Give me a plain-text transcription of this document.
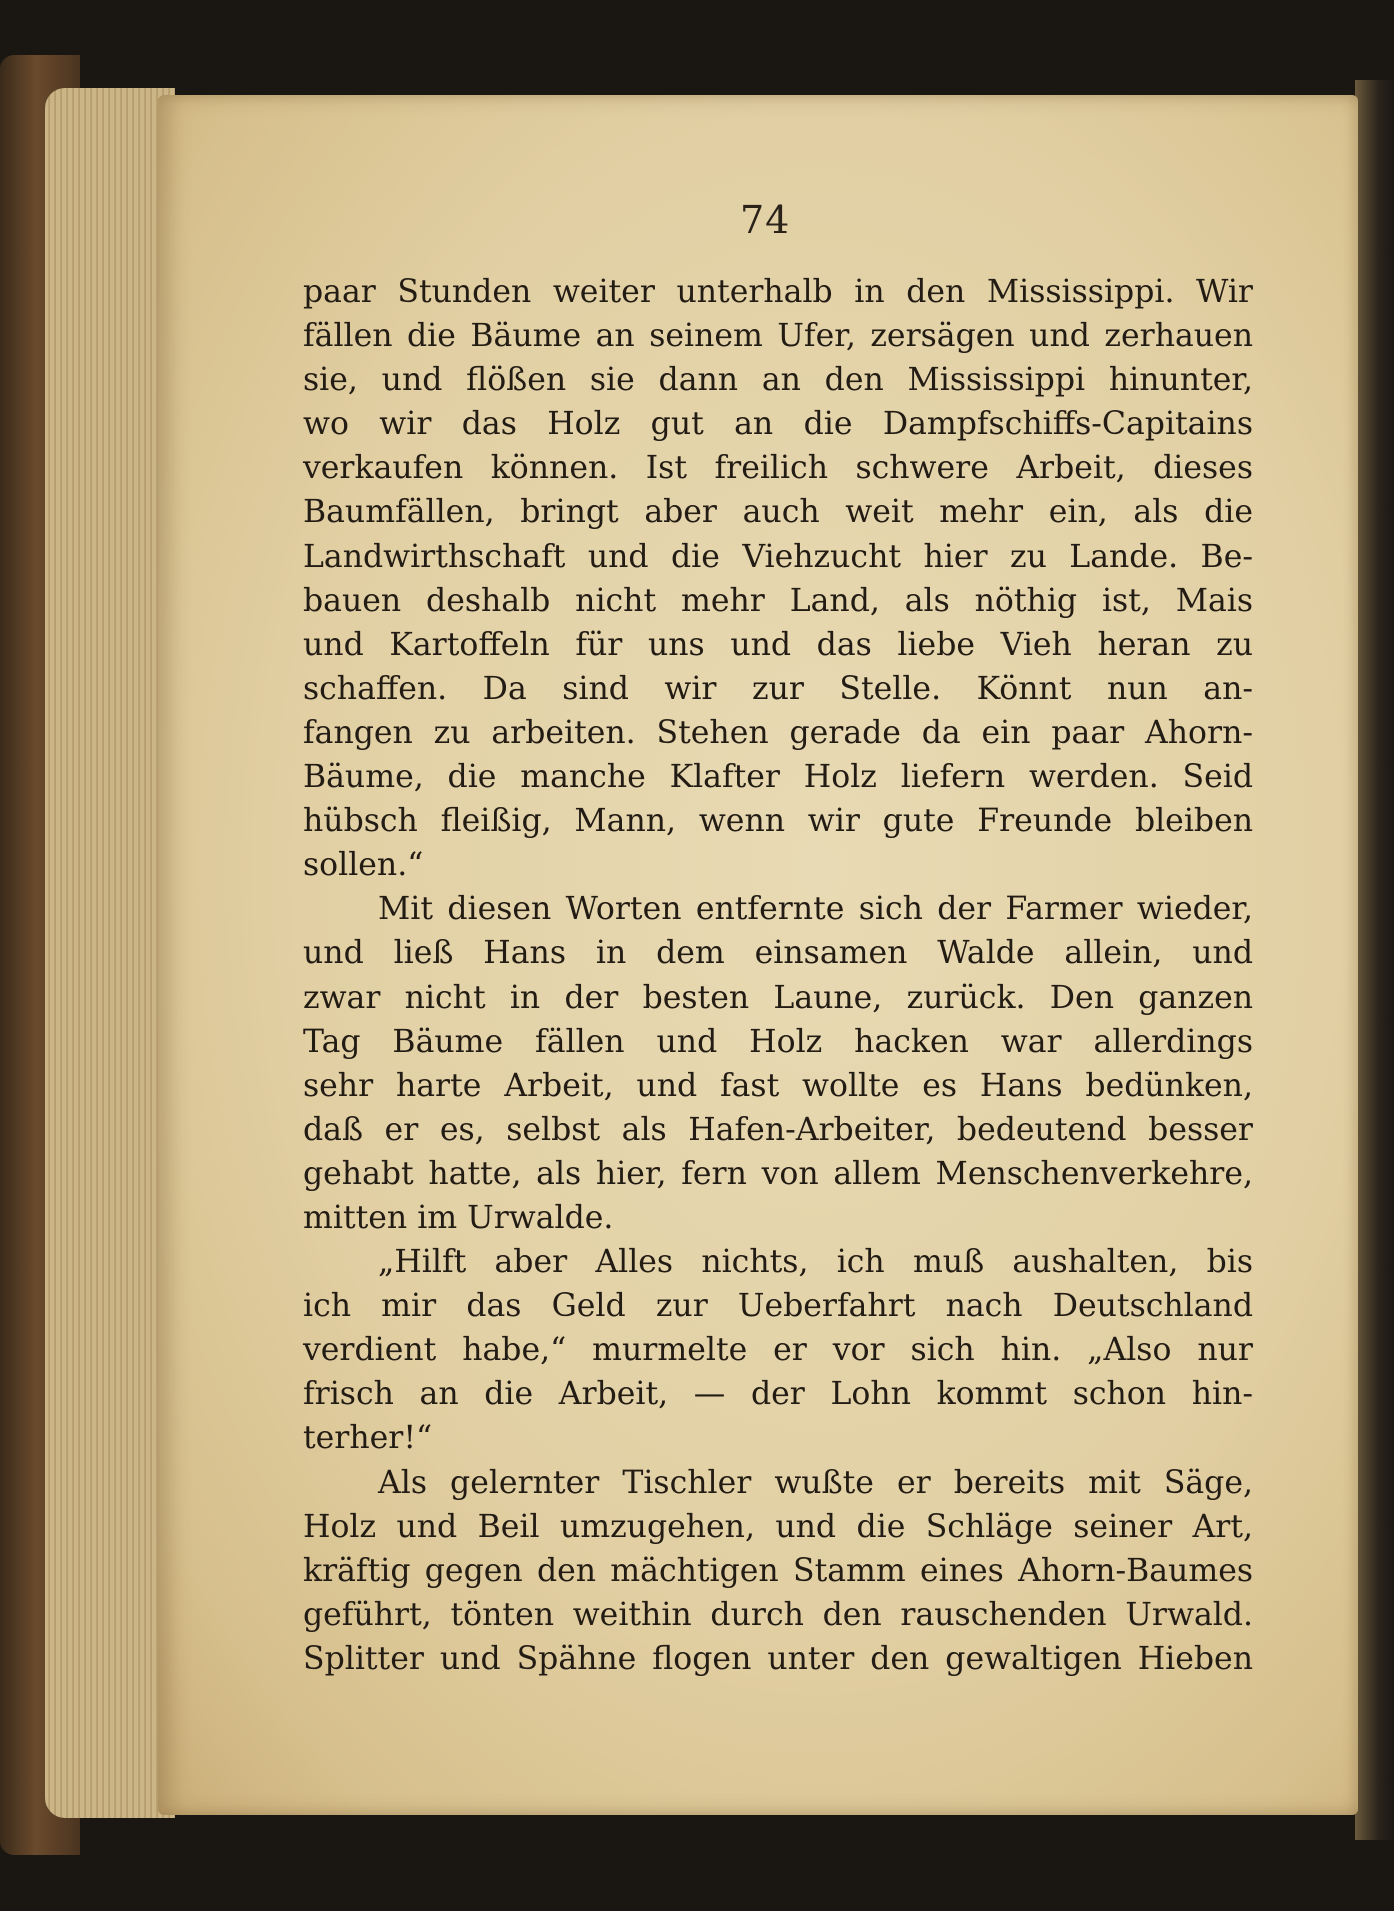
74
paar Stunden weiter unterhalb in den Mississippi. Wir
fällen die Bäume an seinem Ufer, zersägen und zerhauen
sie, und flößen sie dann an den Mississippi hinunter,
wo wir das Holz gut an die Dampfschiffs-Capitains
verkaufen können. Ist freilich schwere Arbeit, dieses
Baumfällen, bringt aber auch weit mehr ein, als die
Landwirthschaft und die Viehzucht hier zu Lande. Be-
bauen deshalb nicht mehr Land, als nöthig ist, Mais
und Kartoffeln für uns und das liebe Vieh heran zu
schaffen. Da sind wir zur Stelle. Könnt nun an-
fangen zu arbeiten. Stehen gerade da ein paar Ahorn-
Bäume, die manche Klafter Holz liefern werden. Seid
hübsch fleißig, Mann, wenn wir gute Freunde bleiben
sollen.“
Mit diesen Worten entfernte sich der Farmer wieder,
und ließ Hans in dem einsamen Walde allein, und
zwar nicht in der besten Laune, zurück. Den ganzen
Tag Bäume fällen und Holz hacken war allerdings
sehr harte Arbeit, und fast wollte es Hans bedünken,
daß er es, selbst als Hafen-Arbeiter, bedeutend besser
gehabt hatte, als hier, fern von allem Menschenverkehre,
mitten im Urwalde.
„Hilft aber Alles nichts, ich muß aushalten, bis
ich mir das Geld zur Ueberfahrt nach Deutschland
verdient habe,“ murmelte er vor sich hin. „Also nur
frisch an die Arbeit, — der Lohn kommt schon hin-
terher!“
Als gelernter Tischler wußte er bereits mit Säge,
Holz und Beil umzugehen, und die Schläge seiner Art,
kräftig gegen den mächtigen Stamm eines Ahorn-Baumes
geführt, tönten weithin durch den rauschenden Urwald.
Splitter und Spähne flogen unter den gewaltigen Hieben
